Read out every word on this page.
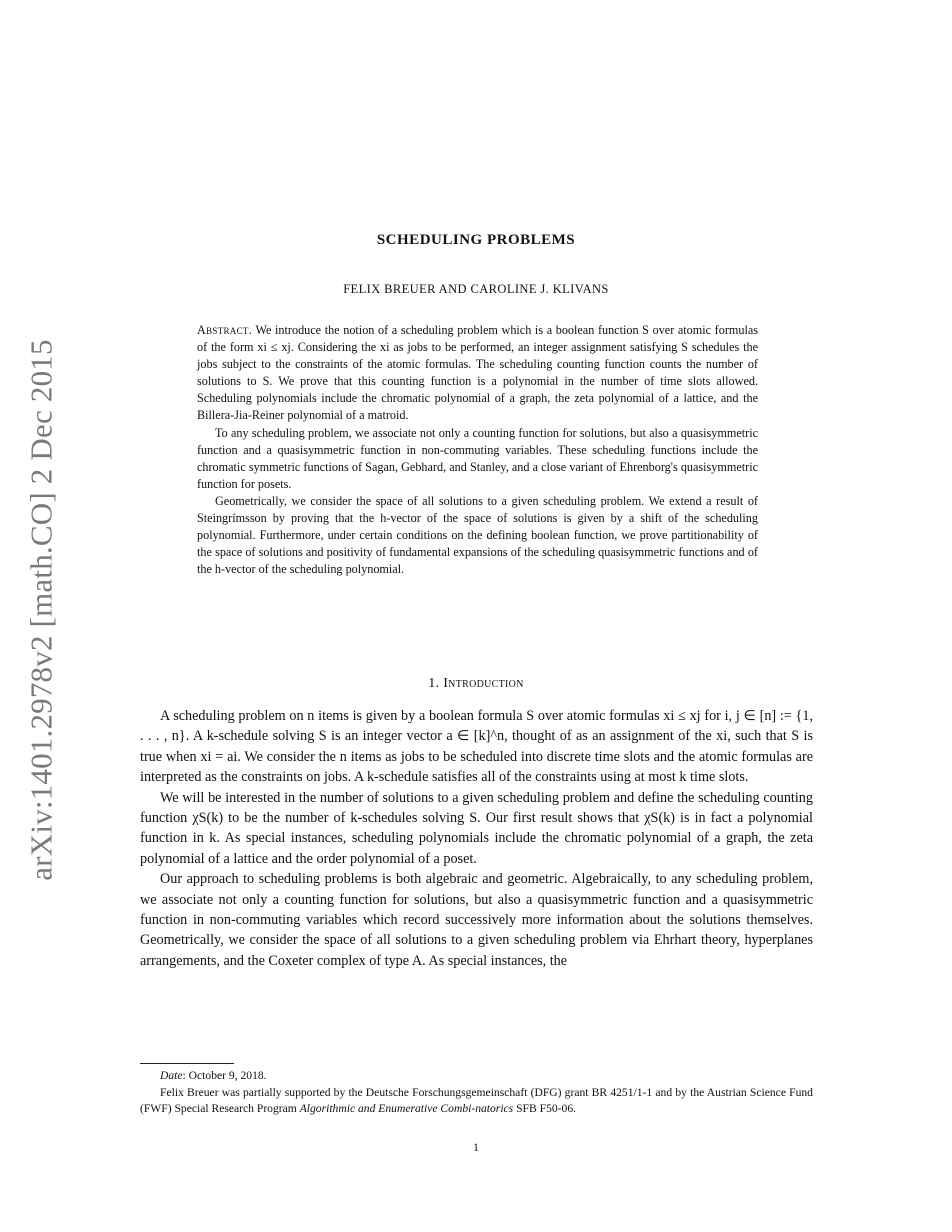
arXiv:1401.2978v2 [math.CO] 2 Dec 2015
SCHEDULING PROBLEMS
FELIX BREUER AND CAROLINE J. KLIVANS

Abstract. We introduce the notion of a scheduling problem which is a boolean function S over atomic formulas of the form xi ≤ xj. Considering the xi as jobs to be performed, an integer assignment satisfying S schedules the jobs subject to the constraints of the atomic formulas. The scheduling counting function counts the number of solutions to S. We prove that this counting function is a polynomial in the number of time slots allowed. Scheduling polynomials include the chromatic polynomial of a graph, the zeta polynomial of a lattice, and the Billera-Jia-Reiner polynomial of a matroid.

To any scheduling problem, we associate not only a counting function for solutions, but also a quasisymmetric function and a quasisymmetric function in non-commuting variables. These scheduling functions include the chromatic symmetric functions of Sagan, Gebhard, and Stanley, and a close variant of Ehrenborg's quasisymmetric function for posets.

Geometrically, we consider the space of all solutions to a given scheduling problem. We extend a result of Steingrímsson by proving that the h-vector of the space of solutions is given by a shift of the scheduling polynomial. Furthermore, under certain conditions on the defining boolean function, we prove partitionability of the space of solutions and positivity of fundamental expansions of the scheduling quasisymmetric functions and of the h-vector of the scheduling polynomial.

1. Introduction

A scheduling problem on n items is given by a boolean formula S over atomic formulas xi ≤ xj for i, j ∈ [n] := {1, . . . , n}. A k-schedule solving S is an integer vector a ∈ [k]^n, thought of as an assignment of the xi, such that S is true when xi = ai. We consider the n items as jobs to be scheduled into discrete time slots and the atomic formulas are interpreted as the constraints on jobs. A k-schedule satisfies all of the constraints using at most k time slots.

We will be interested in the number of solutions to a given scheduling problem and define the scheduling counting function χS(k) to be the number of k-schedules solving S. Our first result shows that χS(k) is in fact a polynomial function in k. As special instances, scheduling polynomials include the chromatic polynomial of a graph, the zeta polynomial of a lattice and the order polynomial of a poset.

Our approach to scheduling problems is both algebraic and geometric. Algebraically, to any scheduling problem, we associate not only a counting function for solutions, but also a quasisymmetric function and a quasisymmetric function in non-commuting variables which record successively more information about the solutions themselves. Geometrically, we consider the space of all solutions to a given scheduling problem via Ehrhart theory, hyperplanes arrangements, and the Coxeter complex of type A. As special instances, the

Date: October 9, 2018.

Felix Breuer was partially supported by the Deutsche Forschungsgemeinschaft (DFG) grant BR 4251/1-1 and by the Austrian Science Fund (FWF) Special Research Program Algorithmic and Enumerative Combi-natorics SFB F50-06.

1
